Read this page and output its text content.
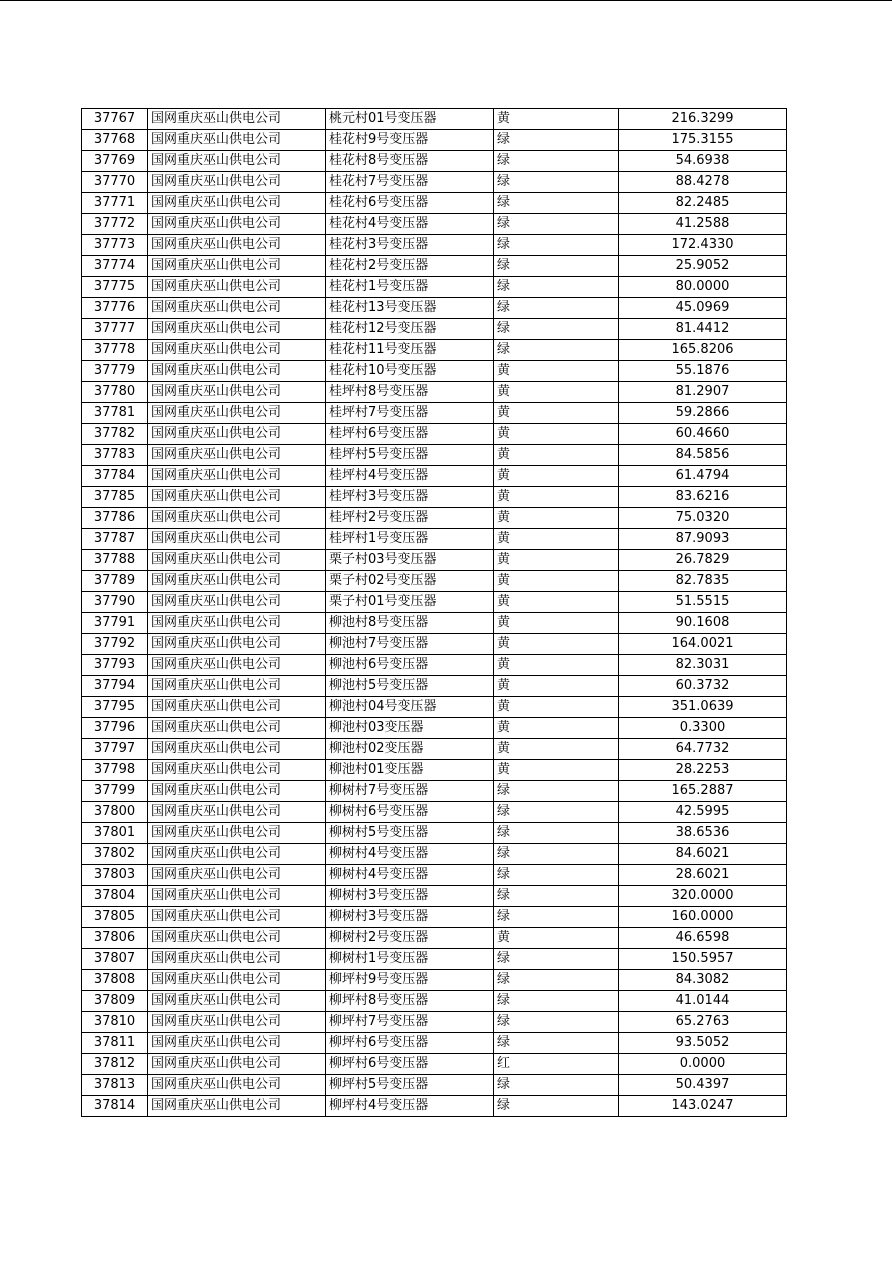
37767	国网重庆巫山供电公司	桃元村01号变压器	黄	216.3299
37768	国网重庆巫山供电公司	桂花村9号变压器	绿	175.3155
37769	国网重庆巫山供电公司	桂花村8号变压器	绿	54.6938
37770	国网重庆巫山供电公司	桂花村7号变压器	绿	88.4278
37771	国网重庆巫山供电公司	桂花村6号变压器	绿	82.2485
37772	国网重庆巫山供电公司	桂花村4号变压器	绿	41.2588
37773	国网重庆巫山供电公司	桂花村3号变压器	绿	172.4330
37774	国网重庆巫山供电公司	桂花村2号变压器	绿	25.9052
37775	国网重庆巫山供电公司	桂花村1号变压器	绿	80.0000
37776	国网重庆巫山供电公司	桂花村13号变压器	绿	45.0969
37777	国网重庆巫山供电公司	桂花村12号变压器	绿	81.4412
37778	国网重庆巫山供电公司	桂花村11号变压器	绿	165.8206
37779	国网重庆巫山供电公司	桂花村10号变压器	黄	55.1876
37780	国网重庆巫山供电公司	桂坪村8号变压器	黄	81.2907
37781	国网重庆巫山供电公司	桂坪村7号变压器	黄	59.2866
37782	国网重庆巫山供电公司	桂坪村6号变压器	黄	60.4660
37783	国网重庆巫山供电公司	桂坪村5号变压器	黄	84.5856
37784	国网重庆巫山供电公司	桂坪村4号变压器	黄	61.4794
37785	国网重庆巫山供电公司	桂坪村3号变压器	黄	83.6216
37786	国网重庆巫山供电公司	桂坪村2号变压器	黄	75.0320
37787	国网重庆巫山供电公司	桂坪村1号变压器	黄	87.9093
37788	国网重庆巫山供电公司	栗子村03号变压器	黄	26.7829
37789	国网重庆巫山供电公司	栗子村02号变压器	黄	82.7835
37790	国网重庆巫山供电公司	栗子村01号变压器	黄	51.5515
37791	国网重庆巫山供电公司	柳池村8号变压器	黄	90.1608
37792	国网重庆巫山供电公司	柳池村7号变压器	黄	164.0021
37793	国网重庆巫山供电公司	柳池村6号变压器	黄	82.3031
37794	国网重庆巫山供电公司	柳池村5号变压器	黄	60.3732
37795	国网重庆巫山供电公司	柳池村04号变压器	黄	351.0639
37796	国网重庆巫山供电公司	柳池村03变压器	黄	0.3300
37797	国网重庆巫山供电公司	柳池村02变压器	黄	64.7732
37798	国网重庆巫山供电公司	柳池村01变压器	黄	28.2253
37799	国网重庆巫山供电公司	柳树村7号变压器	绿	165.2887
37800	国网重庆巫山供电公司	柳树村6号变压器	绿	42.5995
37801	国网重庆巫山供电公司	柳树村5号变压器	绿	38.6536
37802	国网重庆巫山供电公司	柳树村4号变压器	绿	84.6021
37803	国网重庆巫山供电公司	柳树村4号变压器	绿	28.6021
37804	国网重庆巫山供电公司	柳树村3号变压器	绿	320.0000
37805	国网重庆巫山供电公司	柳树村3号变压器	绿	160.0000
37806	国网重庆巫山供电公司	柳树村2号变压器	黄	46.6598
37807	国网重庆巫山供电公司	柳树村1号变压器	绿	150.5957
37808	国网重庆巫山供电公司	柳坪村9号变压器	绿	84.3082
37809	国网重庆巫山供电公司	柳坪村8号变压器	绿	41.0144
37810	国网重庆巫山供电公司	柳坪村7号变压器	绿	65.2763
37811	国网重庆巫山供电公司	柳坪村6号变压器	绿	93.5052
37812	国网重庆巫山供电公司	柳坪村6号变压器	红	0.0000
37813	国网重庆巫山供电公司	柳坪村5号变压器	绿	50.4397
37814	国网重庆巫山供电公司	柳坪村4号变压器	绿	143.0247
